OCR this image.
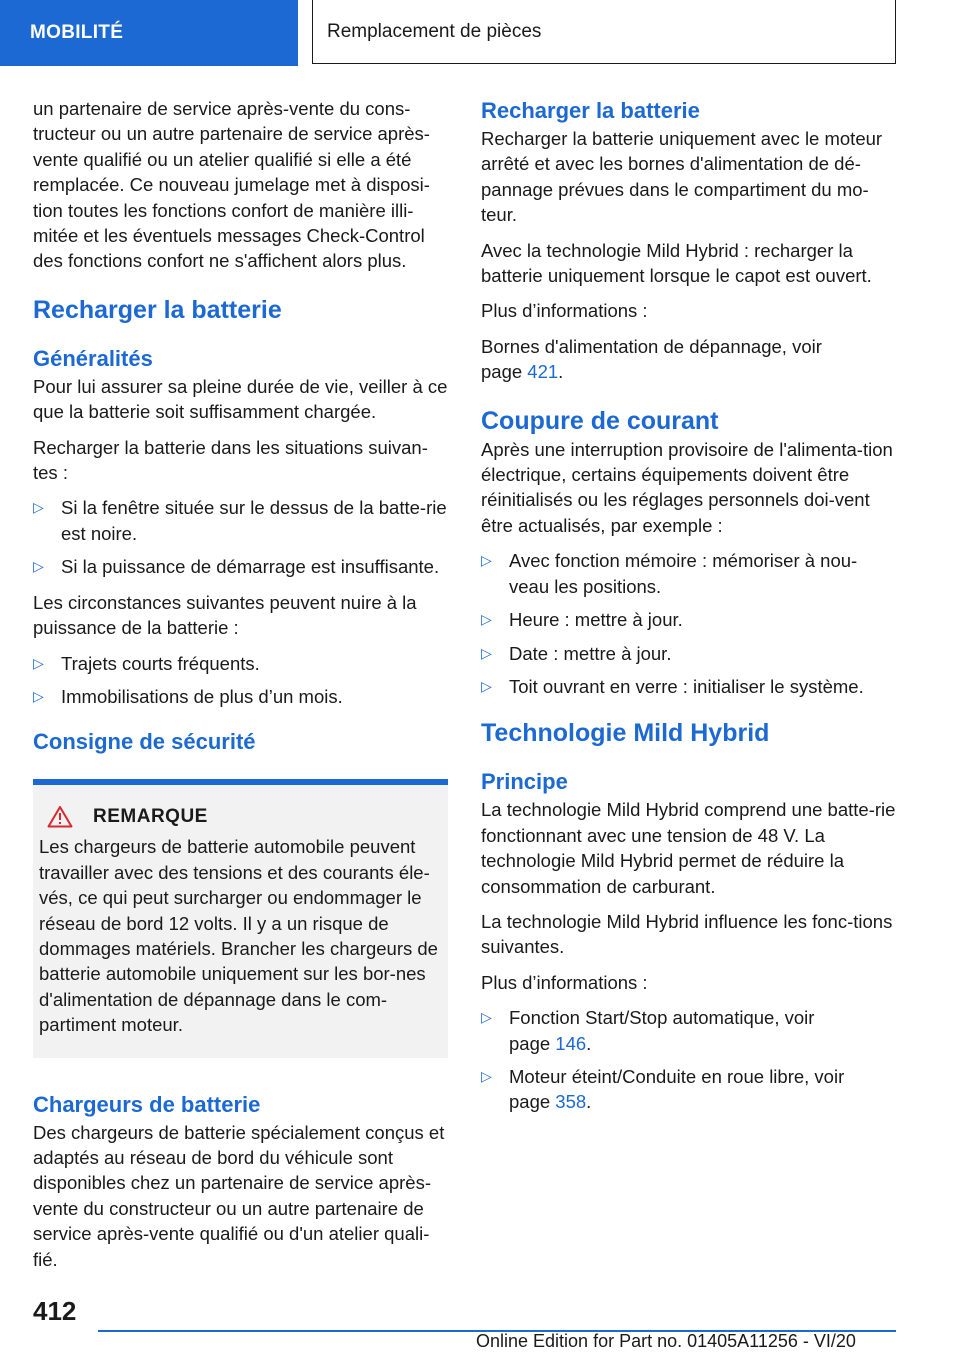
MOBILITÉ	Remplacement de pièces

un partenaire de service après-vente du cons-tructeur ou un autre partenaire de service après-vente qualifié ou un atelier qualifié si elle a été remplacée. Ce nouveau jumelage met à disposi-tion toutes les fonctions confort de manière illi-mitée et les éventuels messages Check-Control des fonctions confort ne s'affichent alors plus.

Recharger la batterie
Généralités

Pour lui assurer sa pleine durée de vie, veiller à ce que la batterie soit suffisamment chargée.

Recharger la batterie dans les situations suivan-tes :

▷ Si la fenêtre située sur le dessus de la batte-rie est noire.
▷ Si la puissance de démarrage est insuffisante.

Les circonstances suivantes peuvent nuire à la puissance de la batterie :

▷ Trajets courts fréquents.
▷ Immobilisations de plus d’un mois.
Consigne de sécurité
REMARQUE

Les chargeurs de batterie automobile peuvent travailler avec des tensions et des courants éle-vés, ce qui peut surcharger ou endommager le réseau de bord 12 volts. Il y a un risque de dommages matériels. Brancher les chargeurs de batterie automobile uniquement sur les bor-nes d'alimentation de dépannage dans le com-partiment moteur.

Chargeurs de batterie

Des chargeurs de batterie spécialement conçus et adaptés au réseau de bord du véhicule sont disponibles chez un partenaire de service après-vente du constructeur ou un autre partenaire de service après-vente qualifié ou d'un atelier quali-fié.

Recharger la batterie

Recharger la batterie uniquement avec le moteur arrêté et avec les bornes d'alimentation de dé-pannage prévues dans le compartiment du mo-teur.

Avec la technologie Mild Hybrid : recharger la batterie uniquement lorsque le capot est ouvert.

Plus d’informations :

Bornes d'alimentation de dépannage, voir
page 421.

Coupure de courant

Après une interruption provisoire de l'alimenta-tion électrique, certains équipements doivent être réinitialisés ou les réglages personnels doi-vent être actualisés, par exemple :

▷ Avec fonction mémoire : mémoriser à nou-veau les positions.
▷ Heure : mettre à jour.
▷ Date : mettre à jour.
▷ Toit ouvrant en verre : initialiser le système.
Technologie Mild Hybrid
Principe

La technologie Mild Hybrid comprend une batte-rie fonctionnant avec une tension de 48 V. La technologie Mild Hybrid permet de réduire la consommation de carburant.

La technologie Mild Hybrid influence les fonc-tions suivantes.

Plus d’informations :

▷ Fonction Start/Stop automatique, voir
page 146.
▷ Moteur éteint/Conduite en roue libre, voir
page 358.
412
Online Edition for Part no. 01405A11256 - VI/20
